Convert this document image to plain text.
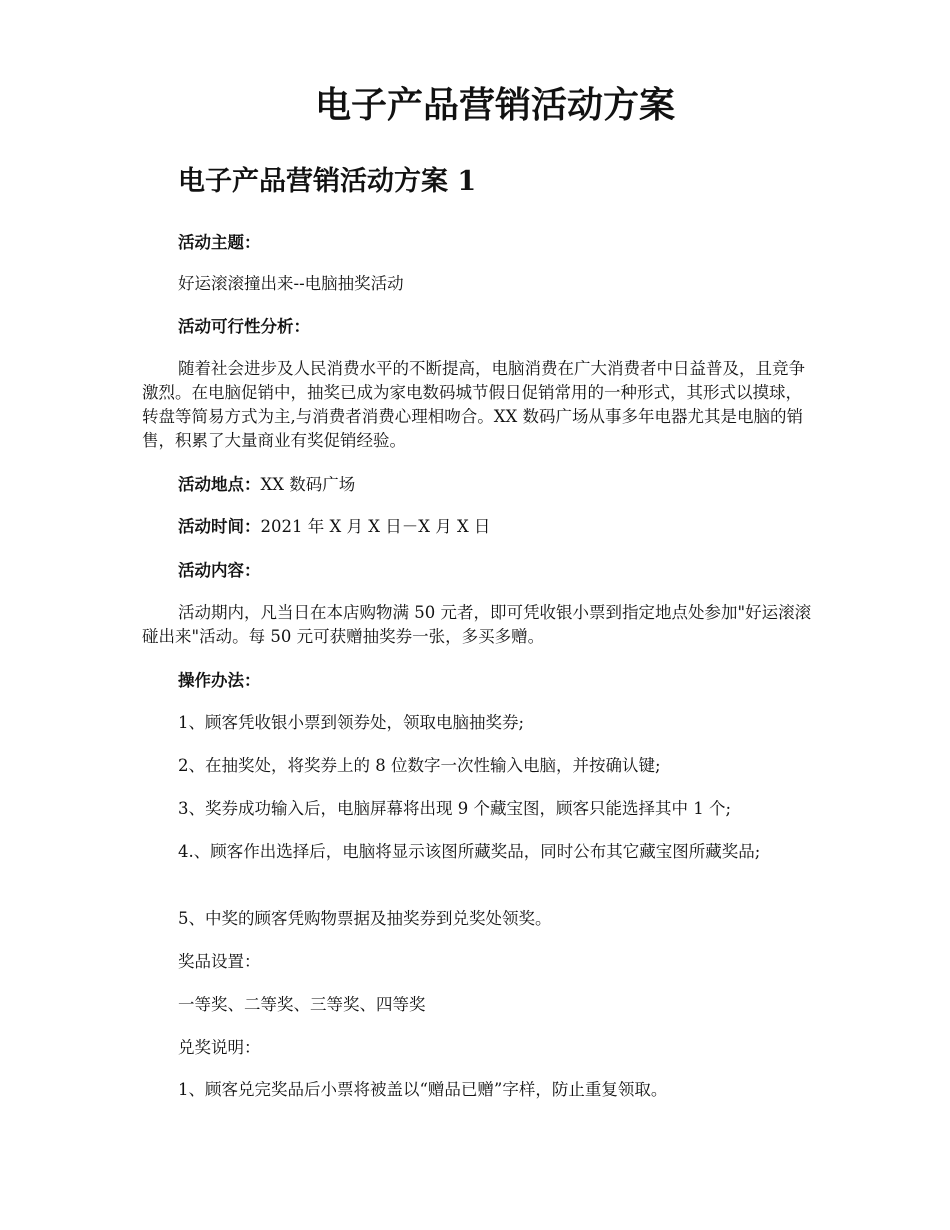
电子产品营销活动方案
电子产品营销活动方案 1

活动主题：

好运滚滚撞出来--电脑抽奖活动

活动可行性分析：

随着社会进步及人民消费水平的不断提高，电脑消费在广大消费者中日益普及，且竞争激烈。在电脑促销中，抽奖已成为家电数码城节假日促销常用的一种形式，其形式以摸球，转盘等简易方式为主,与消费者消费心理相吻合。XX 数码广场从事多年电器尤其是电脑的销售，积累了大量商业有奖促销经验。

活动地点：XX 数码广场

活动时间：2021 年 X 月 X 日－X 月 X 日

活动内容：

活动期内，凡当日在本店购物满 50 元者，即可凭收银小票到指定地点处参加"好运滚滚碰出来"活动。每 50 元可获赠抽奖券一张，多买多赠。

操作办法：

1、顾客凭收银小票到领券处，领取电脑抽奖券;

2、在抽奖处，将奖券上的 8 位数字一次性输入电脑，并按确认键;

3、奖券成功输入后，电脑屏幕将出现 9 个藏宝图，顾客只能选择其中 1 个;

4.、顾客作出选择后，电脑将显示该图所藏奖品，同时公布其它藏宝图所藏奖品;

5、中奖的顾客凭购物票据及抽奖券到兑奖处领奖。

奖品设置：

一等奖、二等奖、三等奖、四等奖

兑奖说明：

1、顾客兑完奖品后小票将被盖以“赠品已赠”字样，防止重复领取。
